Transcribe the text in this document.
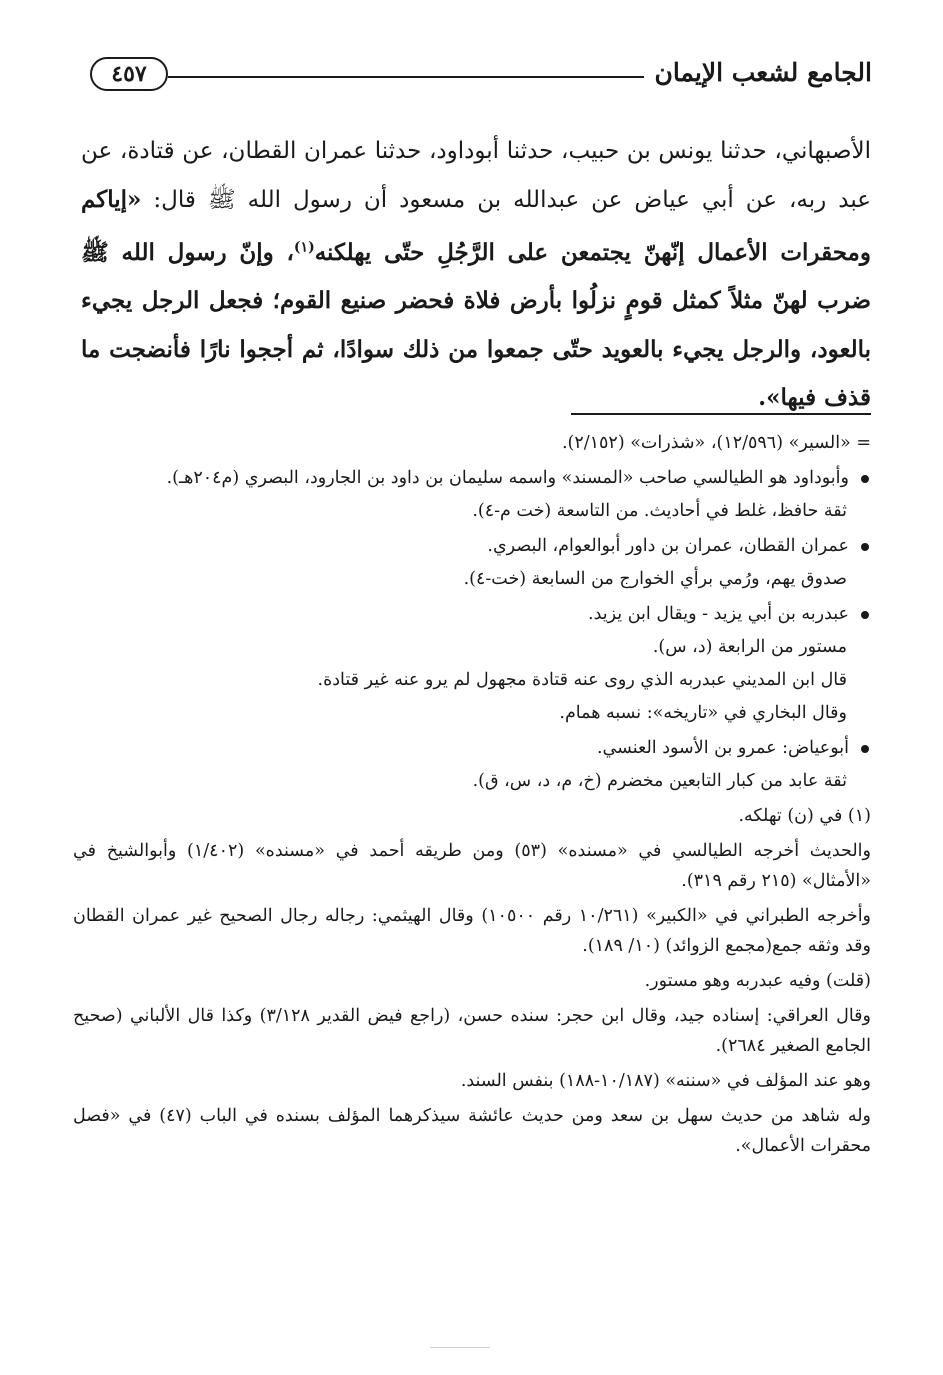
الجامع لشعب الإيمان
٤٥٧

الأصبهاني، حدثنا يونس بن حبيب، حدثنا أبوداود، حدثنا عمران القطان، عن قتادة، عن عبد ربه، عن أبي عياض عن عبدالله بن مسعود أن رسول الله ﷺ قال: «إياكم ومحقرات الأعمال إنّهنّ يجتمعن على الرَّجُلِ حتّى يهلكنه$^{(١)}$، وإنّ رسول الله ﷺ ضرب لهنّ مثلاً كمثل قومٍ نزلُوا بأرض فلاة فحضر صنيع القوم؛ فجعل الرجل يجيء بالعود، والرجل يجيء بالعويد حتّى جمعوا من ذلك سوادًا، ثم أججوا نارًا فأنضجت ما قذف فيها».

= «السير» (١٢/٥٩٦)، «شذرات» (٢/١٥٢).

وأبوداود هو الطيالسي صاحب «المسند» واسمه سليمان بن داود بن الجارود، البصري (م٢٠٤هـ).
ثقة حافظ، غلط في أحاديث. من التاسعة (خت م-٤).
عمران القطان، عمران بن داور أبوالعوام، البصري.
صدوق يهم، ورُمي برأي الخوارج من السابعة (خت-٤).
عبدربه بن أبي يزيد - ويقال ابن يزيد.
مستور من الرابعة (د، س).
قال ابن المديني عبدربه الذي روى عنه قتادة مجهول لم يرو عنه غير قتادة.
وقال البخاري في «تاريخه»: نسبه همام.
أبوعياض: عمرو بن الأسود العنسي.
ثقة عابد من كبار التابعين مخضرم (خ، م، د، س، ق).

(١) في (ن) تهلكه.

والحديث أخرجه الطيالسي في «مسنده» (٥٣) ومن طريقه أحمد في «مسنده» (١/٤٠٢) وأبوالشيخ في «الأمثال» (٢١٥ رقم ٣١٩).

وأخرجه الطبراني في «الكبير» (١٠/٢٦١ رقم ١٠٥٠٠) وقال الهيثمي: رجاله رجال الصحيح غير عمران القطان وقد وثقه جمع(مجمع الزوائد) (١٠/ ١٨٩).

(قلت) وفيه عبدربه وهو مستور.

وقال العراقي: إسناده جيد، وقال ابن حجر: سنده حسن، (راجع فيض القدير ٣/١٢٨) وكذا قال الألباني (صحيح الجامع الصغير ٢٦٨٤).

وهو عند المؤلف في «سننه» (١٠/١٨٧-١٨٨) بنفس السند.

وله شاهد من حديث سهل بن سعد ومن حديث عائشة سيذكرهما المؤلف بسنده في الباب (٤٧) في «فصل محقرات الأعمال».
